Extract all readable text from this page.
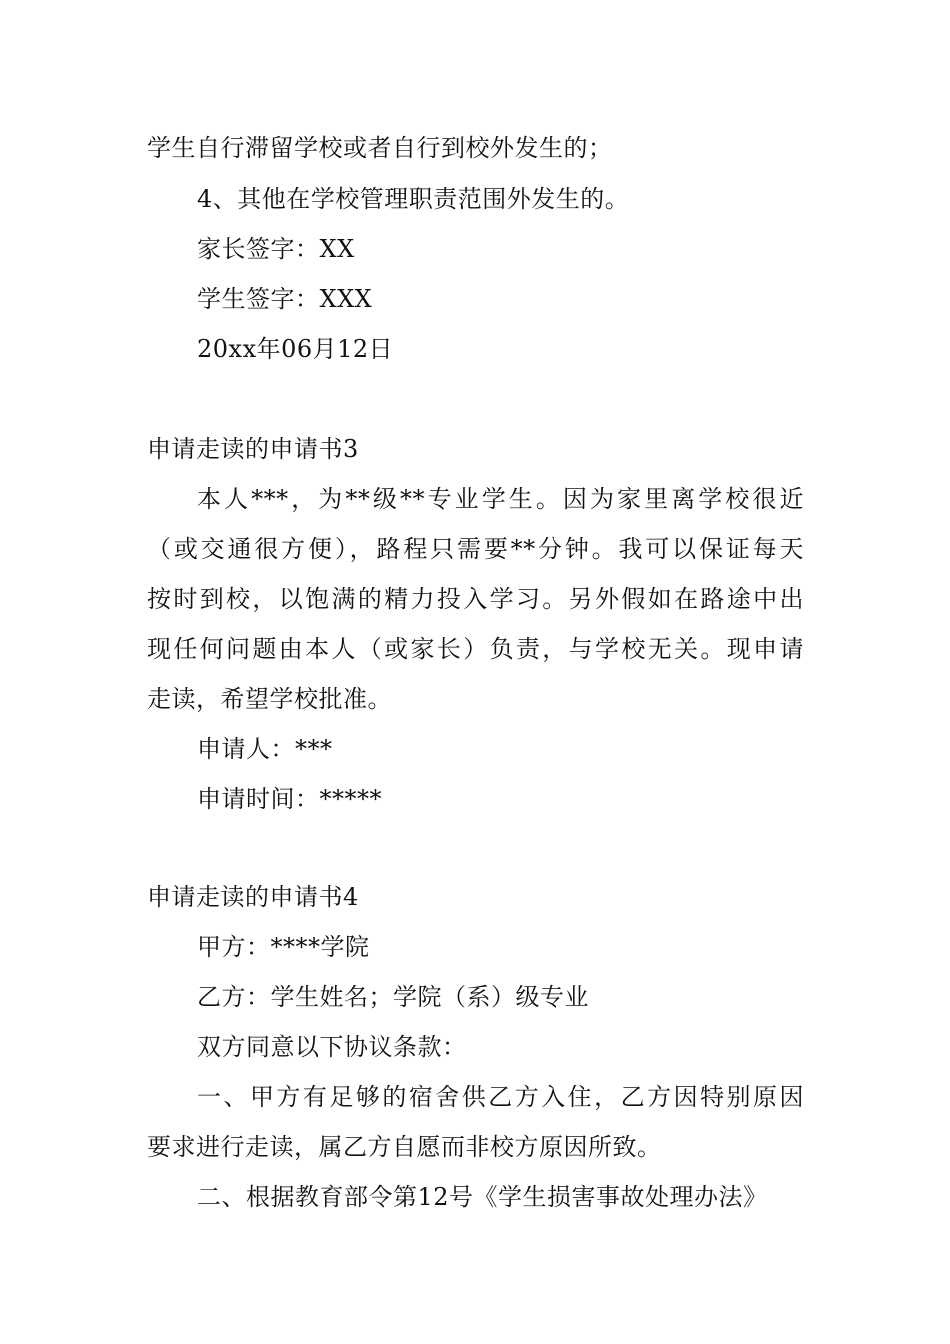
学生自行滞留学校或者自行到校外发生的；
4、其他在学校管理职责范围外发生的。
家长签字：XX
学生签字：XXX
20xx年06月12日
申请走读的申请书3
本人***，为**级**专业学生。因为家里离学校很近
（或交通很方便），路程只需要**分钟。我可以保证每天
按时到校，以饱满的精力投入学习。另外假如在路途中出
现任何问题由本人（或家长）负责，与学校无关。现申请
走读，希望学校批准。
申请人：***
申请时间：*****
申请走读的申请书4
甲方：****学院
乙方：学生姓名；学院（系）级专业
双方同意以下协议条款：
一、甲方有足够的宿舍供乙方入住，乙方因特别原因
要求进行走读，属乙方自愿而非校方原因所致。
二、根据教育部令第12号《学生损害事故处理办法》
